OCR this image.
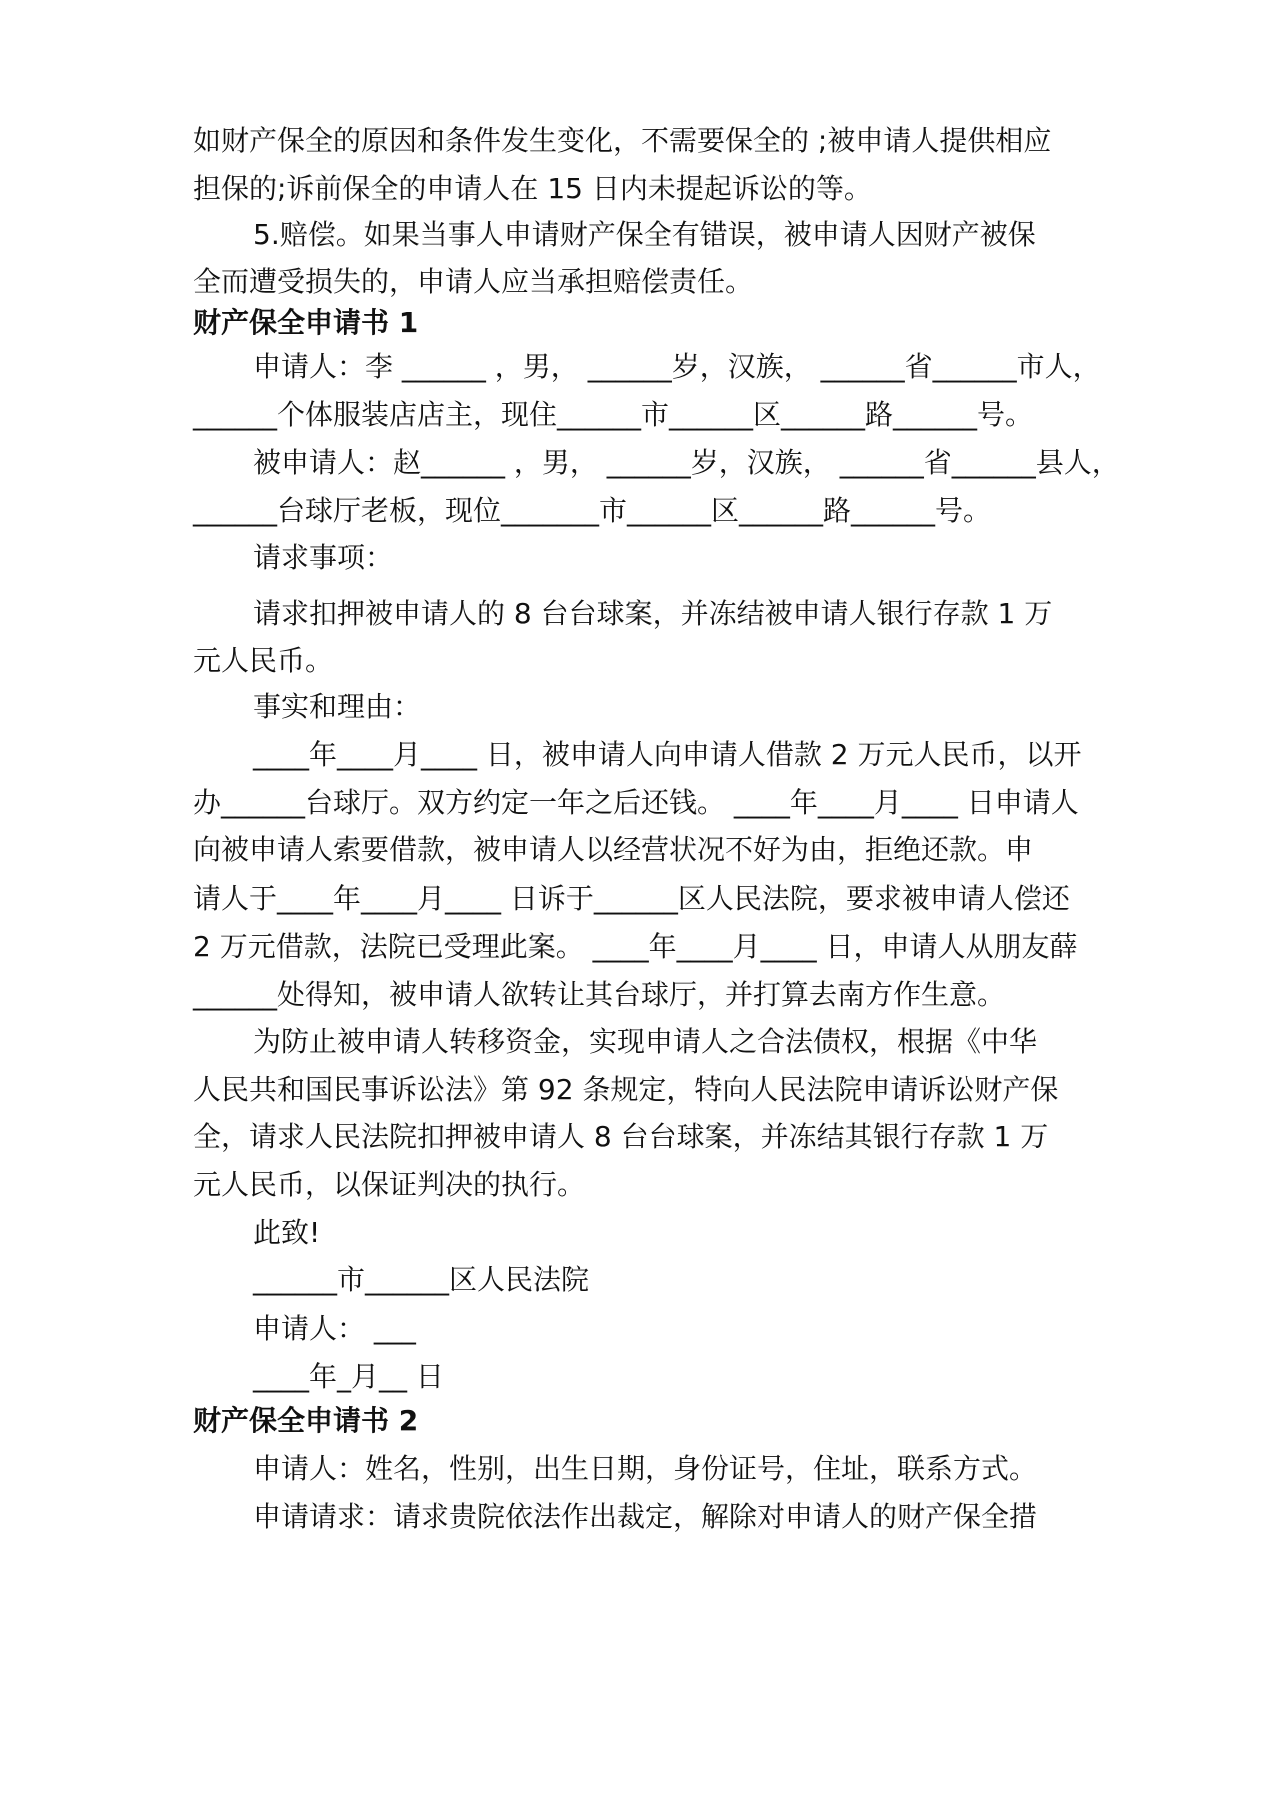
如财产保全的原因和条件发生变化，不需要保全的 ;被申请人提供相应

担保的;诉前保全的申请人在 15 日内未提起诉讼的等。

5.赔偿。如果当事人申请财产保全有错误，被申请人因财产被保

全而遭受损失的，申请人应当承担赔偿责任。

财产保全申请书 1

申请人：李 ______ ，男， ______岁，汉族， ______省______市人，

______个体服装店店主，现住______市______区______路______号。

被申请人：赵______ ，男， ______岁，汉族， ______省______县人，

______台球厅老板，现位_______市______区______路______号。

请求事项：

请求扣押被申请人的 8 台台球案，并冻结被申请人银行存款 1 万

元人民币。

事实和理由：

____年____月____ 日，被申请人向申请人借款 2 万元人民币，以开

办______台球厅。双方约定一年之后还钱。 ____年____月____ 日申请人

向被申请人索要借款，被申请人以经营状况不好为由，拒绝还款。申

请人于____年____月____ 日诉于______区人民法院，要求被申请人偿还

2 万元借款，法院已受理此案。 ____年____月____ 日，申请人从朋友薛

______处得知，被申请人欲转让其台球厅，并打算去南方作生意。

为防止被申请人转移资金，实现申请人之合法债权，根据《中华

人民共和国民事诉讼法》第 92 条规定，特向人民法院申请诉讼财产保

全，请求人民法院扣押被申请人 8 台台球案，并冻结其银行存款 1 万

元人民币，以保证判决的执行。

此致!

______市______区人民法院

申请人： ___

____年_月__ 日

财产保全申请书 2

申请人：姓名，性别，出生日期，身份证号，住址，联系方式。

申请请求：请求贵院依法作出裁定，解除对申请人的财产保全措
